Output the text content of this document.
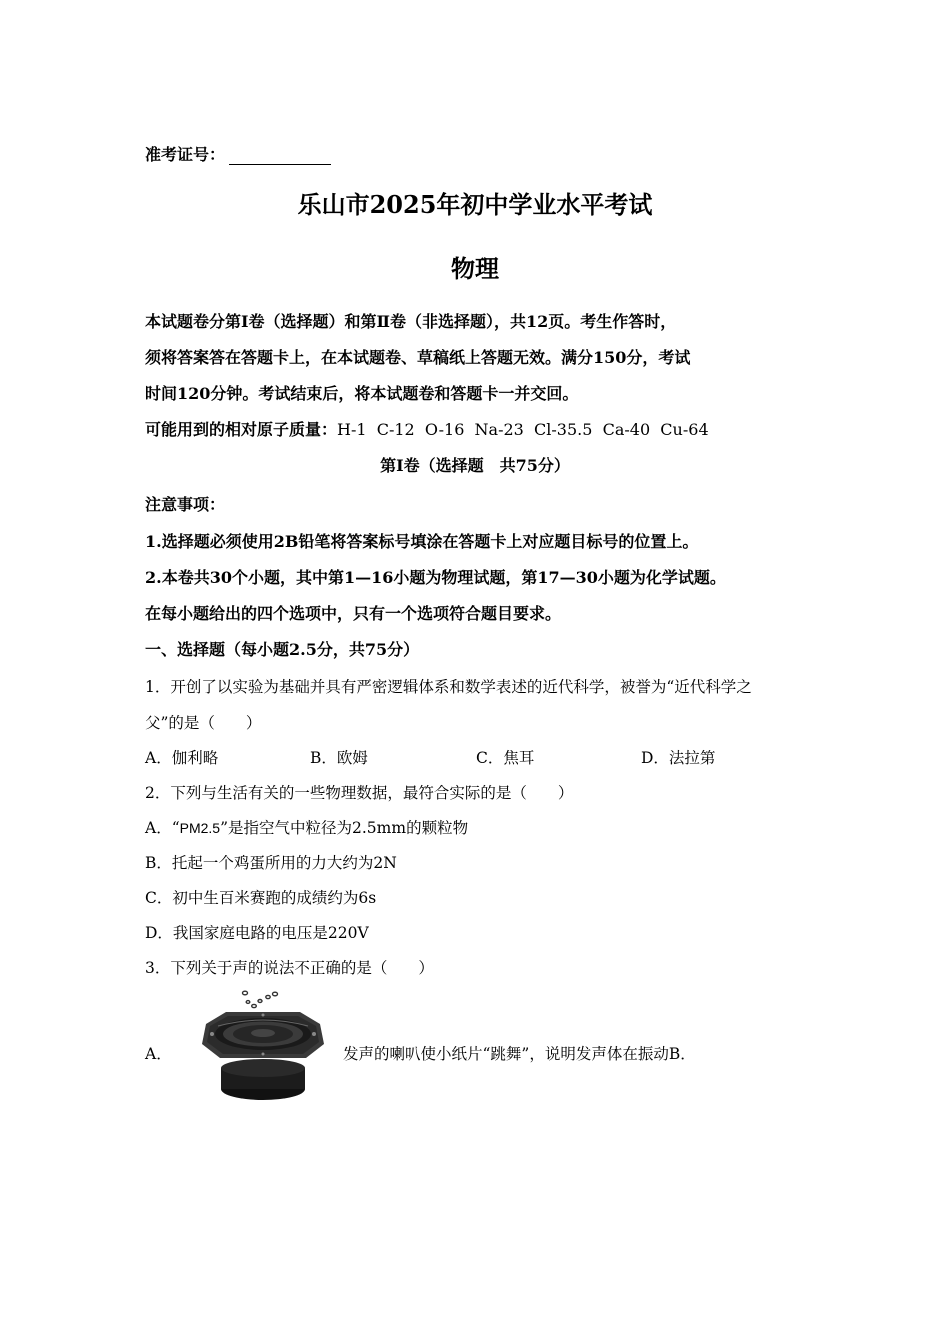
准考证号：
乐山市2025年初中学业水平考试
物理
本试题卷分第Ⅰ卷（选择题）和第Ⅱ卷（非选择题），共12页。考生作答时，
须将答案答在答题卡上，在本试题卷、草稿纸上答题无效。满分150分，考试
时间120分钟。考试结束后，将本试题卷和答题卡一并交回。
可能用到的相对原子质量：H-1  C-12  O-16  Na-23  Cl-35.5  Ca-40  Cu-64
第Ⅰ卷（选择题　共75分）
注意事项：
1.选择题必须使用2B铅笔将答案标号填涂在答题卡上对应题目标号的位置上。
2.本卷共30个小题，其中第1—16小题为物理试题，第17—30小题为化学试题。
在每小题给出的四个选项中，只有一个选项符合题目要求。
一、选择题（每小题2.5分，共75分）
1．开创了以实验为基础并具有严密逻辑体系和数学表述的近代科学，被誉为“近代科学之
父”的是（　　）
A．伽利略	B．欧姆	C．焦耳	D．法拉第
2．下列与生活有关的一些物理数据，最符合实际的是（　　）
A．“PM2.5”是指空气中粒径为2.5mm的颗粒物
B．托起一个鸡蛋所用的力大约为2N
C．初中生百米赛跑的成绩约为6s
D．我国家庭电路的电压是220V
3．下列关于声的说法不正确的是（　　）
A．	发声的喇叭使小纸片“跳舞”，说明发声体在振动B．
